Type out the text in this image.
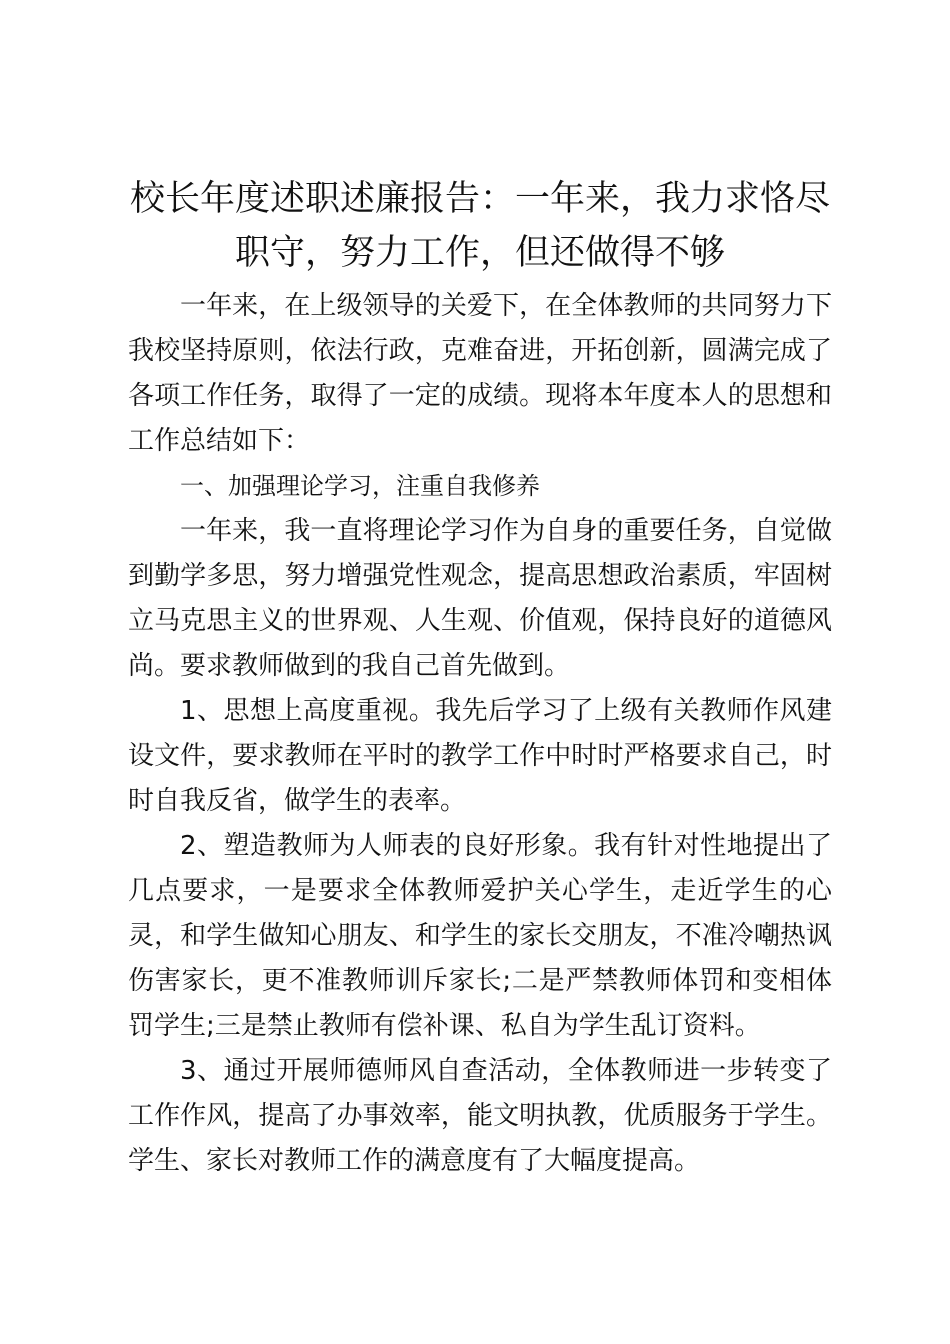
校长年度述职述廉报告：一年来，我力求恪尽
职守，努力工作，但还做得不够

一年来，在上级领导的关爱下，在全体教师的共同努力下我校坚持原则，依法行政，克难奋进，开拓创新，圆满完成了各项工作任务，取得了一定的成绩。现将本年度本人的思想和工作总结如下：

一、加强理论学习，注重自我修养

一年来，我一直将理论学习作为自身的重要任务，自觉做到勤学多思，努力增强党性观念，提高思想政治素质，牢固树立马克思主义的世界观、人生观、价值观，保持良好的道德风尚。要求教师做到的我自己首先做到。

1、思想上高度重视。我先后学习了上级有关教师作风建设文件，要求教师在平时的教学工作中时时严格要求自己，时时自我反省，做学生的表率。

2、塑造教师为人师表的良好形象。我有针对性地提出了几点要求，一是要求全体教师爱护关心学生，走近学生的心灵，和学生做知心朋友、和学生的家长交朋友，不准冷嘲热讽伤害家长，更不准教师训斥家长;二是严禁教师体罚和变相体罚学生;三是禁止教师有偿补课、私自为学生乱订资料。

3、通过开展师德师风自查活动，全体教师进一步转变了工作作风，提高了办事效率，能文明执教，优质服务于学生。学生、家长对教师工作的满意度有了大幅度提高。
